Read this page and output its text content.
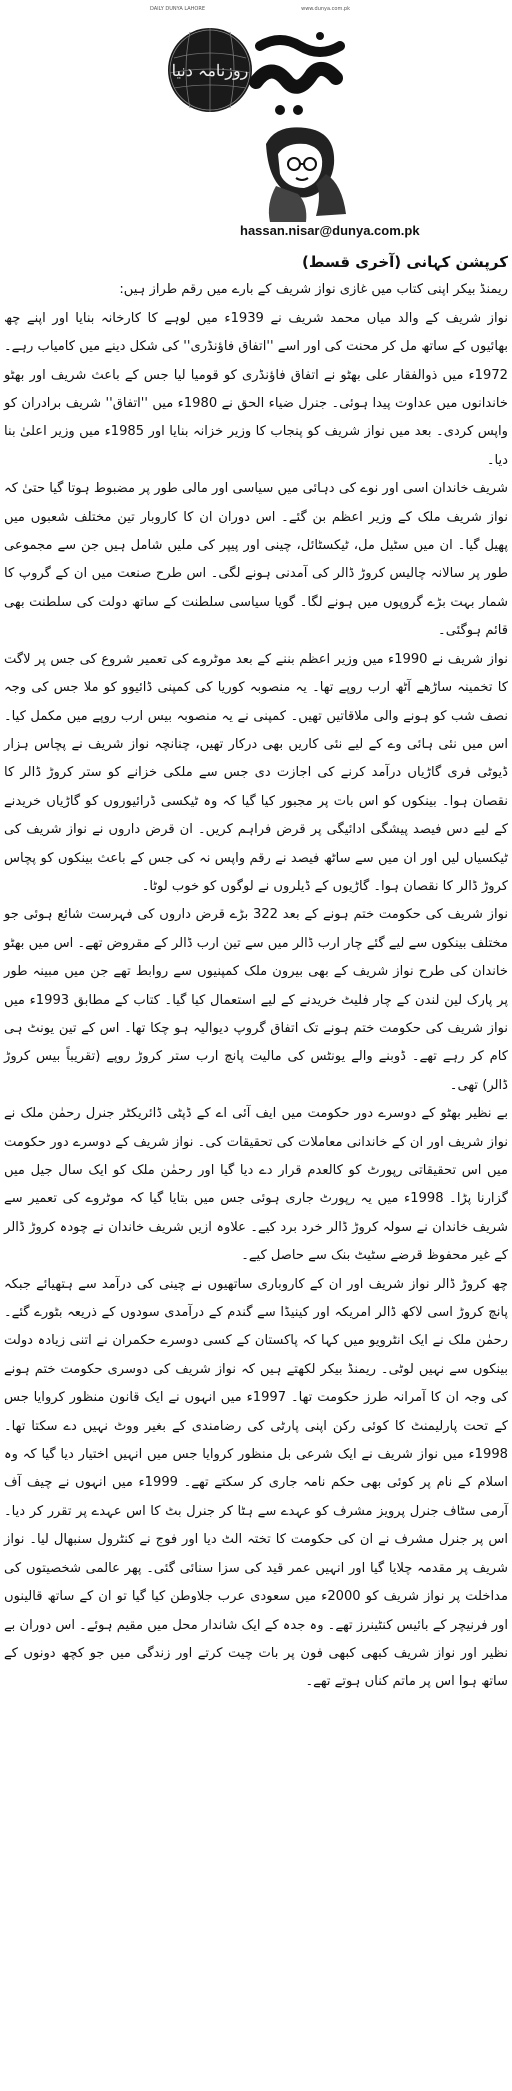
DAILY DUNYA LAHORE	www.dunya.com.pk
روزنامہ دنیا
hassan.nisar@dunya.com.pk

کرپشن کہانی (آخری قسط)

ریمنڈ بیکر اپنی کتاب میں غازی نواز شریف کے بارے میں رقم طراز ہیں:

نواز شریف کے والد میاں محمد شریف نے 1939ء میں لوہے کا کارخانہ بنایا اور اپنے چھ بھائیوں کے ساتھ مل کر محنت کی اور اسے ''اتفاق فاؤنڈری'' کی شکل دینے میں کامیاب رہے۔ 1972ء میں ذوالفقار علی بھٹو نے اتفاق فاؤنڈری کو قومیا لیا جس کے باعث شریف اور بھٹو خاندانوں میں عداوت پیدا ہوئی۔ جنرل ضیاء الحق نے 1980ء میں ''اتفاق'' شریف برادران کو واپس کردی۔ بعد میں نواز شریف کو پنجاب کا وزیر خزانہ بنایا اور 1985ء میں وزیر اعلیٰ بنا دیا۔

شریف خاندان اسی اور نوے کی دہائی میں سیاسی اور مالی طور پر مضبوط ہوتا گیا حتیٰ کہ نواز شریف ملک کے وزیر اعظم بن گئے۔ اس دوران ان کا کاروبار تین مختلف شعبوں میں پھیل گیا۔ ان میں سٹیل مل، ٹیکسٹائل، چینی اور پیپر کی ملیں شامل ہیں جن سے مجموعی طور پر سالانہ چالیس کروڑ ڈالر کی آمدنی ہونے لگی۔ اس طرح صنعت میں ان کے گروپ کا شمار بہت بڑے گروپوں میں ہونے لگا۔ گویا سیاسی سلطنت کے ساتھ دولت کی سلطنت بھی قائم ہوگئی۔

نواز شریف نے 1990ء میں وزیر اعظم بننے کے بعد موٹروے کی تعمیر شروع کی جس پر لاگت کا تخمینہ ساڑھے آٹھ ارب روپے تھا۔ یہ منصوبہ کوریا کی کمپنی ڈائیوو کو ملا جس کی وجہ نصف شب کو ہونے والی ملاقاتیں تھیں۔ کمپنی نے یہ منصوبہ بیس ارب روپے میں مکمل کیا۔ اس میں نئی ہائی وے کے لیے نئی کاریں بھی درکار تھیں، چنانچہ نواز شریف نے پچاس ہزار ڈیوٹی فری گاڑیاں درآمد کرنے کی اجازت دی جس سے ملکی خزانے کو ستر کروڑ ڈالر کا نقصان ہوا۔ بینکوں کو اس بات پر مجبور کیا گیا کہ وہ ٹیکسی ڈرائیوروں کو گاڑیاں خریدنے کے لیے دس فیصد پیشگی ادائیگی پر قرض فراہم کریں۔ ان قرض داروں نے نواز شریف کی ٹیکسیاں لیں اور ان میں سے ساٹھ فیصد نے رقم واپس نہ کی جس کے باعث بینکوں کو پچاس کروڑ ڈالر کا نقصان ہوا۔ گاڑیوں کے ڈیلروں نے لوگوں کو خوب لوٹا۔

نواز شریف کی حکومت ختم ہونے کے بعد 322 بڑے قرض داروں کی فہرست شائع ہوئی جو مختلف بینکوں سے لیے گئے چار ارب ڈالر میں سے تین ارب ڈالر کے مقروض تھے۔ اس میں بھٹو خاندان کی طرح نواز شریف کے بھی بیرون ملک کمپنیوں سے روابط تھے جن میں مبینہ طور پر پارک لین لندن کے چار فلیٹ خریدنے کے لیے استعمال کیا گیا۔ کتاب کے مطابق 1993ء میں نواز شریف کی حکومت ختم ہونے تک اتفاق گروپ دیوالیہ ہو چکا تھا۔ اس کے تین یونٹ ہی کام کر رہے تھے۔ ڈوبنے والے یونٹس کی مالیت پانچ ارب ستر کروڑ روپے (تقریباً بیس کروڑ ڈالر) تھی۔

بے نظیر بھٹو کے دوسرے دور حکومت میں ایف آئی اے کے ڈپٹی ڈائریکٹر جنرل رحمٰن ملک نے نواز شریف اور ان کے خاندانی معاملات کی تحقیقات کی۔ نواز شریف کے دوسرے دور حکومت میں اس تحقیقاتی رپورٹ کو کالعدم قرار دے دیا گیا اور رحمٰن ملک کو ایک سال جیل میں گزارنا پڑا۔ 1998ء میں یہ رپورٹ جاری ہوئی جس میں بتایا گیا کہ موٹروے کی تعمیر سے شریف خاندان نے سولہ کروڑ ڈالر خرد برد کیے۔ علاوہ ازیں شریف خاندان نے چودہ کروڑ ڈالر کے غیر محفوظ قرضے سٹیٹ بنک سے حاصل کیے۔

چھ کروڑ ڈالر نواز شریف اور ان کے کاروباری ساتھیوں نے چینی کی درآمد سے ہتھیائے جبکہ پانچ کروڑ اسی لاکھ ڈالر امریکہ اور کینیڈا سے گندم کے درآمدی سودوں کے ذریعہ بٹورے گئے۔ رحمٰن ملک نے ایک انٹرویو میں کہا کہ پاکستان کے کسی دوسرے حکمران نے اتنی زیادہ دولت بینکوں سے نہیں لوٹی۔ ریمنڈ بیکر لکھتے ہیں کہ نواز شریف کی دوسری حکومت ختم ہونے کی وجہ ان کا آمرانہ طرز حکومت تھا۔ 1997ء میں انہوں نے ایک قانون منظور کروایا جس کے تحت پارلیمنٹ کا کوئی رکن اپنی پارٹی کی رضامندی کے بغیر ووٹ نہیں دے سکتا تھا۔ 1998ء میں نواز شریف نے ایک شرعی بل منظور کروایا جس میں انہیں اختیار دیا گیا کہ وہ اسلام کے نام پر کوئی بھی حکم نامہ جاری کر سکتے تھے۔ 1999ء میں انہوں نے چیف آف آرمی سٹاف جنرل پرویز مشرف کو عہدے سے ہٹا کر جنرل بٹ کا اس عہدے پر تقرر کر دیا۔ اس پر جنرل مشرف نے ان کی حکومت کا تختہ الٹ دیا اور فوج نے کنٹرول سنبھال لیا۔ نواز شریف پر مقدمہ چلایا گیا اور انہیں عمر قید کی سزا سنائی گئی۔ پھر عالمی شخصیتوں کی مداخلت پر نواز شریف کو 2000ء میں سعودی عرب جلاوطن کیا گیا تو ان کے ساتھ قالینوں اور فرنیچر کے بائیس کنٹینرز تھے۔ وہ جدہ کے ایک شاندار محل میں مقیم ہوئے۔ اس دوران بے نظیر اور نواز شریف کبھی کبھی فون پر بات چیت کرتے اور زندگی میں جو کچھ دونوں کے ساتھ ہوا اس پر ماتم کناں ہوتے تھے۔
